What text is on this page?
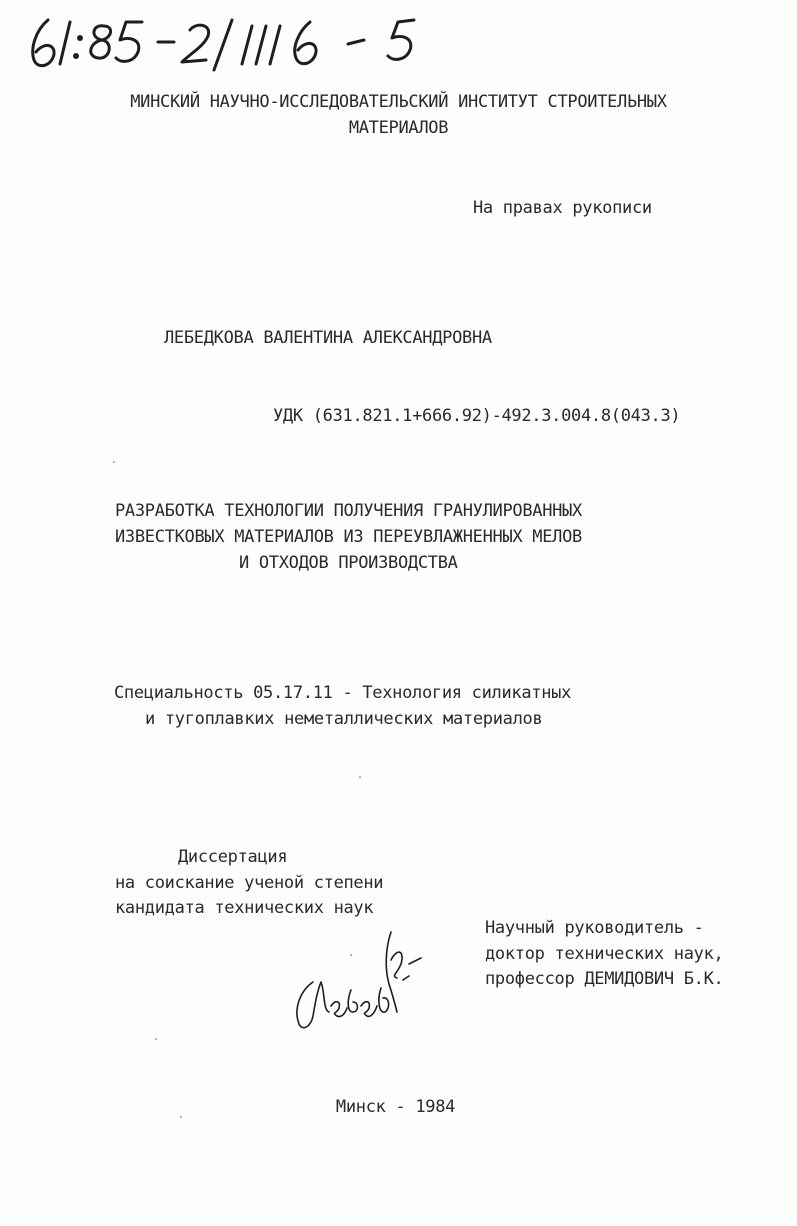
МИНСКИЙ НАУЧНО-ИССЛЕДОВАТЕЛЬСКИЙ ИНСТИТУТ СТРОИТЕЛЬНЫХ
МАТЕРИАЛОВ
На правах рукописи
ЛЕБЕДКОВА ВАЛЕНТИНА АЛЕКСАНДРОВНА
УДК (631.821.1+666.92)-492.3.004.8(043.3)
РАЗРАБОТКА ТЕХНОЛОГИИ ПОЛУЧЕНИЯ ГРАНУЛИРОВАННЫХ
ИЗВЕСТКОВЫХ МАТЕРИАЛОВ ИЗ ПЕРЕУВЛАЖНЕННЫХ МЕЛОВ
И ОТХОДОВ ПРОИЗВОДСТВА
Специальность 05.17.11 - Технология силикатных
и тугоплавких неметаллических материалов
Диссертация
на соискание ученой степени
кандидата технических наук
Научный руководитель -
доктор технических наук,
профессор ДЕМИДОВИЧ Б.К.
Минск - 1984
